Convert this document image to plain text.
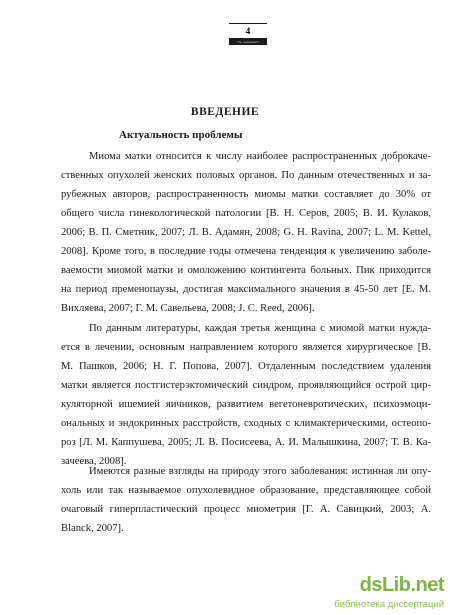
4
стр. документа
ВВЕДЕНИЕ
Актуальность проблемы
Миома матки относится к числу наиболее распространенных доброкаче-
ственных опухолей женских половых органов. По данным отечественных и за-
рубежных авторов, распространенность миомы матки составляет до 30% от
общего числа гинекологической патологии [В. Н. Серов, 2005; В. И. Кулаков,
2006; В. П. Сметник, 2007; Л. В. Адамян, 2008; G. H. Ravina, 2007; L. M. Kettel,
2008]. Кроме того, в последние годы отмечена тенденция к увеличению заболе-
ваемости миомой матки и омоложению контингента больных. Пик приходится
на период пременопаузы, достигая максимального значения в 45-50 лет [Е. М.
Вихляева, 2007; Г. М. Савельева, 2008; J. C. Reed, 2006].
По данным литературы, каждая третья женщина с миомой матки нужда-
ется в лечении, основным направлением которого является хирургическое [В.
М. Пашков, 2006; Н. Г. Попова, 2007]. Отдаленным последствием удаления
матки является постгистерэктомический синдром, проявляющийся острой цир-
куляторной ишемией яичников, развитием вегетоневротических, психоэмоци-
ональных и эндокринных расстройств, сходных с климактерическими, остеопо-
роз [Л. М. Каппушева, 2005; Л. В. Посисеева, А. И. Малышкина, 2007; Т. В. Ка-
зачеева, 2008].
Имеются разные взгляды на природу этого заболевания: истинная ли опу-
холь или так называемое опухолевидное образование, представляющее собой
очаговый гиперпластический процесс миометрия [Г. А. Савицкий, 2003; А.
Blanck, 2007].
dsLib.net
библиотека диссертаций
